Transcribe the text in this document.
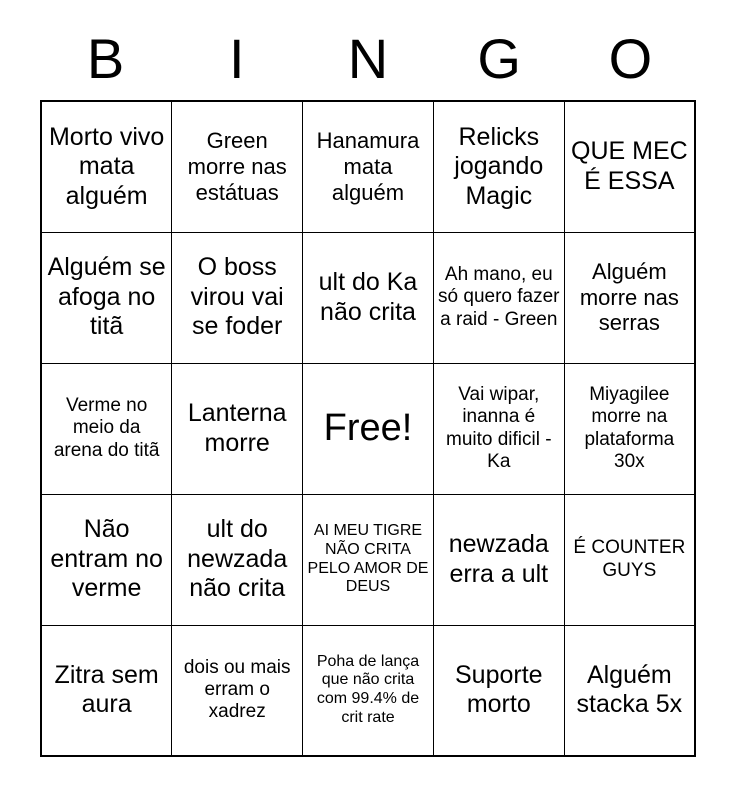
B	I	N	G	O
Morto vivo mata alguém	Green morre nas estátuas	Hanamura mata alguém	Relicks jogando Magic	QUE MEC É ESSA
Alguém se afoga no titã	O boss virou vai se foder	ult do Ka não crita	Ah mano, eu só quero fazer a raid - Green	Alguém morre nas serras
Verme no meio da arena do titã	Lanterna morre	Free!	Vai wipar, inanna é muito dificil - Ka	Miyagilee morre na plataforma 30x
Não entram no verme	ult do newzada não crita	AI MEU TIGRE NÃO CRITA PELO AMOR DE DEUS	newzada erra a ult	É COUNTER GUYS
Zitra sem aura	dois ou mais erram o xadrez	Poha de lança que não crita com 99.4% de crit rate	Suporte morto	Alguém stacka 5x
